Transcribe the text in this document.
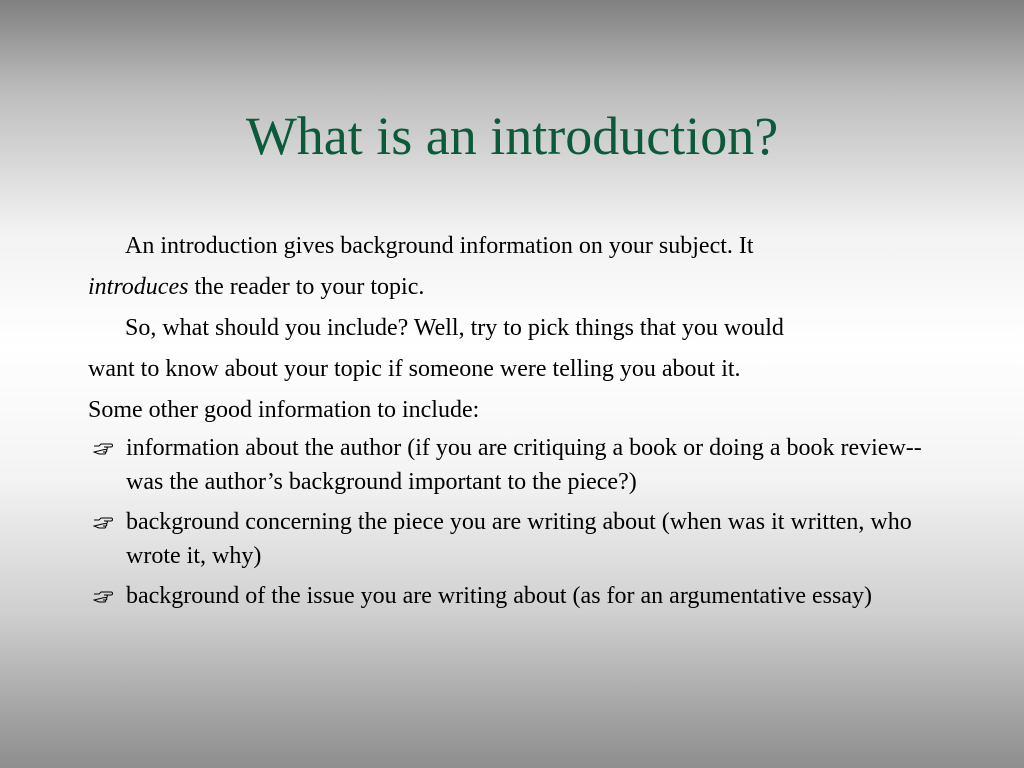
What is an introduction?

An introduction gives background information on your subject. It
introduces the reader to your topic.

So, what should you include? Well, try to pick things that you would
want to know about your topic if someone were telling you about it.

Some other good information to include:

information about the author (if you are critiquing a book or doing a book review--was the author’s background important to the piece?)
background concerning the piece you are writing about (when was it written, who wrote it, why)
background of the issue you are writing about (as for an argumentative essay)
